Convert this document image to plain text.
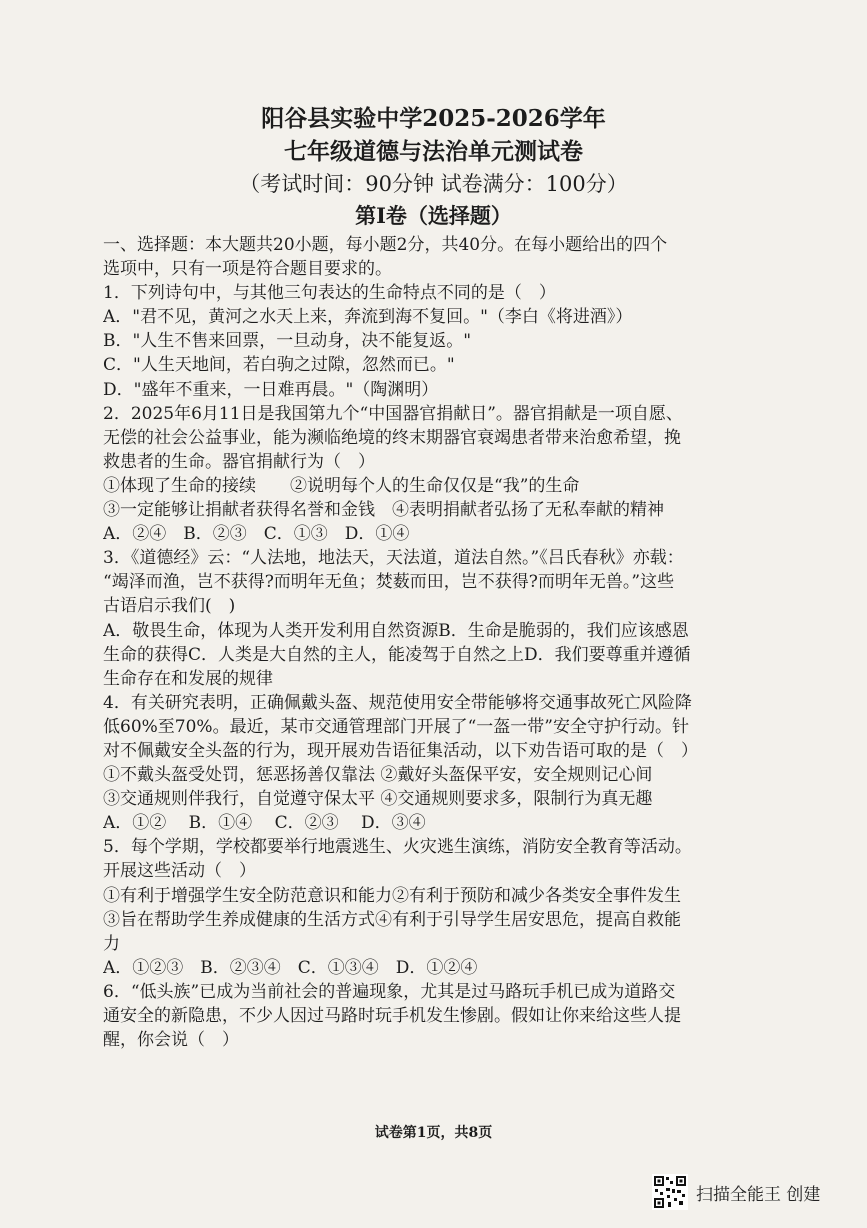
阳谷县实验中学2025-2026学年
七年级道德与法治单元测试卷
（考试时间：90分钟 试卷满分：100分）
第Ⅰ卷（选择题）
一、选择题：本大题共20小题，每小题2分，共40分。在每小题给出的四个
选项中，只有一项是符合题目要求的。
1．下列诗句中，与其他三句表达的生命特点不同的是（　）
A．"君不见，黄河之水天上来，奔流到海不复回。"（李白《将进酒》）
B．"人生不售来回票，一旦动身，决不能复返。"
C．"人生天地间，若白驹之过隙，忽然而已。"
D．"盛年不重来，一日难再晨。"（陶渊明）
2．2025年6月11日是我国第九个“中国器官捐献日”。器官捐献是一项自愿、
无偿的社会公益事业，能为濒临绝境的终末期器官衰竭患者带来治愈希望，挽
救患者的生命。器官捐献行为（　）
①体现了生命的接续　　②说明每个人的生命仅仅是“我”的生命
③一定能够让捐献者获得名誉和金钱　④表明捐献者弘扬了无私奉献的精神
A．②④　B．②③　C．①③　D．①④
3．《道德经》云：“人法地，地法天，天法道，道法自然。”《吕氏春秋》亦载：
“竭泽而渔，岂不获得?而明年无鱼；焚薮而田，岂不获得?而明年无兽。”这些
古语启示我们(　)
A．敬畏生命，体现为人类开发利用自然资源B．生命是脆弱的，我们应该感恩
生命的获得C．人类是大自然的主人，能凌驾于自然之上D．我们要尊重并遵循
生命存在和发展的规律
4．有关研究表明，正确佩戴头盔、规范使用安全带能够将交通事故死亡风险降
低60%至70%。最近，某市交通管理部门开展了“一盔一带”安全守护行动。针
对不佩戴安全头盔的行为，现开展劝告语征集活动，以下劝告语可取的是（　）
①不戴头盔受处罚，惩恶扬善仅靠法 ②戴好头盔保平安，安全规则记心间
③交通规则伴我行，自觉遵守保太平 ④交通规则要求多，限制行为真无趣
A．①②　 B．①④　 C．②③　 D．③④
5．每个学期，学校都要举行地震逃生、火灾逃生演练，消防安全教育等活动。
开展这些活动（　）
①有利于增强学生安全防范意识和能力②有利于预防和减少各类安全事件发生
③旨在帮助学生养成健康的生活方式④有利于引导学生居安思危，提高自救能
力
A．①②③　B．②③④　C．①③④　D．①②④
6．“低头族”已成为当前社会的普遍现象，尤其是过马路玩手机已成为道路交
通安全的新隐患，不少人因过马路时玩手机发生惨剧。假如让你来给这些人提
醒，你会说（　）
试卷第1页，共8页
扫描全能王 创建
